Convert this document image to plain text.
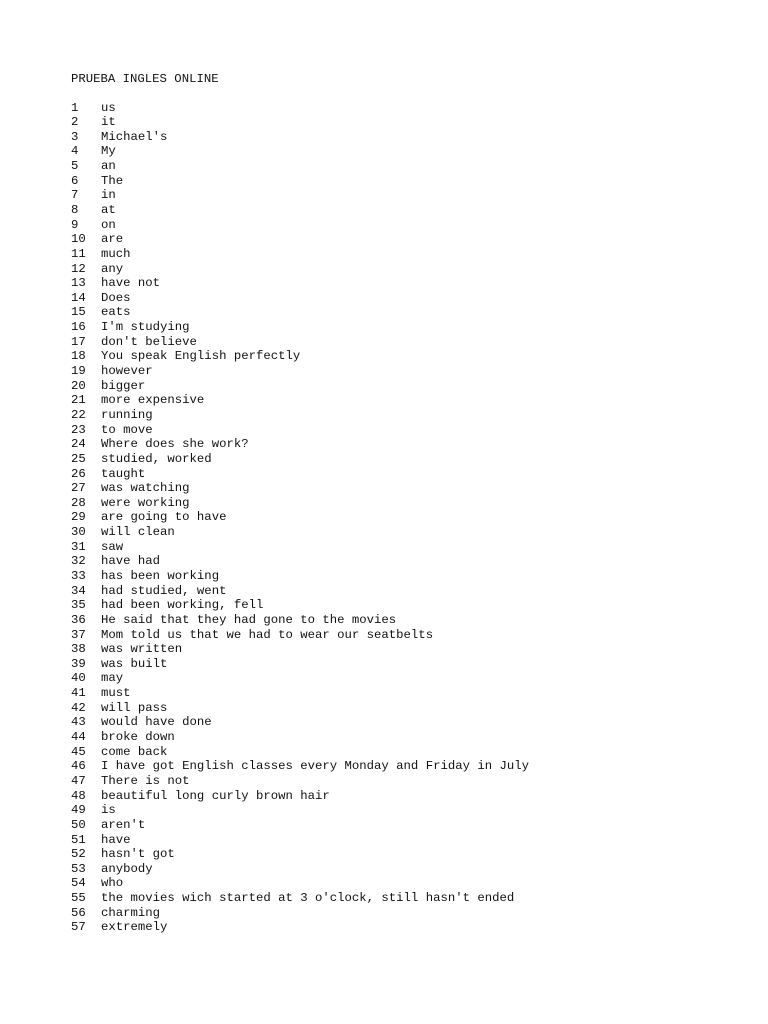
PRUEBA INGLES ONLINE
1	us
2	it
3	Michael's
4	My
5	an
6	The
7	in
8	at
9	on
10	are
11	much
12	any
13	have not
14	Does
15	eats
16	I'm studying
17	don't believe
18	You speak English perfectly
19	however
20	bigger
21	more expensive
22	running
23	to move
24	Where does she work?
25	studied, worked
26	taught
27	was watching
28	were working
29	are going to have
30	will clean
31	saw
32	have had
33	has been working
34	had studied, went
35	had been working, fell
36	He said that they had gone to the movies
37	Mom told us that we had to wear our seatbelts
38	was written
39	was built
40	may
41	must
42	will pass
43	would have done
44	broke down
45	come back
46	I have got English classes every Monday and Friday in July
47	There is not
48	beautiful long curly brown hair
49	is
50	aren't
51	have
52	hasn't got
53	anybody
54	who
55	the movies wich started at 3 o'clock, still hasn't ended
56	charming
57	extremely
